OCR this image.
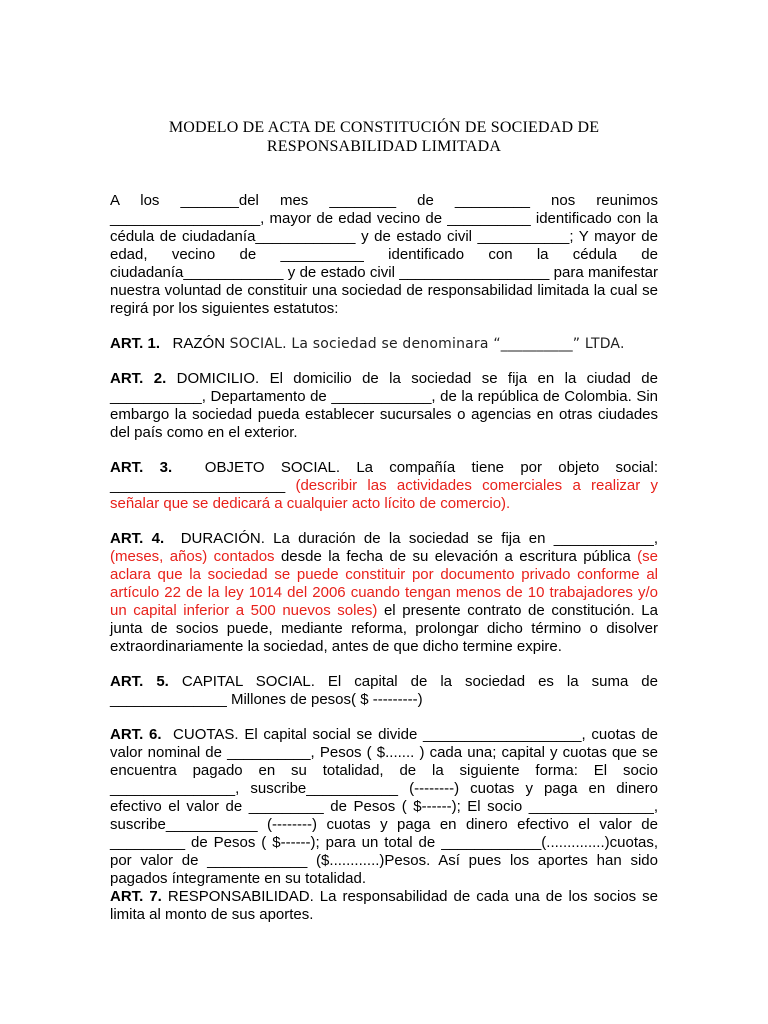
MODELO DE ACTA DE CONSTITUCIÓN DE SOCIEDAD DE
RESPONSABILIDAD LIMITADA

A los _______del mes ________ de _________ nos reunimos __________________, mayor de edad vecino de __________ identificado con la cédula de ciudadanía____________ y de estado civil ___________; Y mayor de edad, vecino de __________ identificado con la cédula de ciudadanía____________ y de estado civil __________________ para manifestar nuestra voluntad de constituir una sociedad de responsabilidad limitada la cual se regirá por los siguientes estatutos:

ART. 1. RAZÓN SOCIAL. La sociedad se denominara “__________” LTDA.

ART. 2. DOMICILIO. El domicilio de la sociedad se fija en la ciudad de ___________, Departamento de ____________, de la república de Colombia. Sin embargo la sociedad pueda establecer sucursales o agencias en otras ciudades del país como en el exterior.

ART. 3. OBJETO SOCIAL. La compañía tiene por objeto social: _____________________ (describir las actividades comerciales a realizar y señalar que se dedicará a cualquier acto lícito de comercio).

ART. 4. DURACIÓN. La duración de la sociedad se fija en ____________, (meses, años) contados desde la fecha de su elevación a escritura pública (se aclara que la sociedad se puede constituir por documento privado conforme al artículo 22 de la ley 1014 del 2006 cuando tengan menos de 10 trabajadores y/o un capital inferior a 500 nuevos soles) el presente contrato de constitución. La junta de socios puede, mediante reforma, prolongar dicho término o disolver extraordinariamente la sociedad, antes de que dicho termine expire.

ART. 5. CAPITAL SOCIAL. El capital de la sociedad es la suma de ______________ Millones de pesos( $ ---------)

ART. 6. CUOTAS. El capital social se divide ___________________, cuotas de valor nominal de __________, Pesos ( $....... ) cada una; capital y cuotas que se encuentra pagado en su totalidad, de la siguiente forma: El socio _______________, suscribe___________ (--------) cuotas y paga en dinero efectivo el valor de _________ de Pesos ( $------); El socio _______________, suscribe___________ (--------) cuotas y paga en dinero efectivo el valor de _________ de Pesos ( $------); para un total de ____________(..............)cuotas, por valor de ____________ ($............)Pesos. Así pues los aportes han sido pagados íntegramente en su totalidad.

ART. 7. RESPONSABILIDAD. La responsabilidad de cada una de los socios se limita al monto de sus aportes.
